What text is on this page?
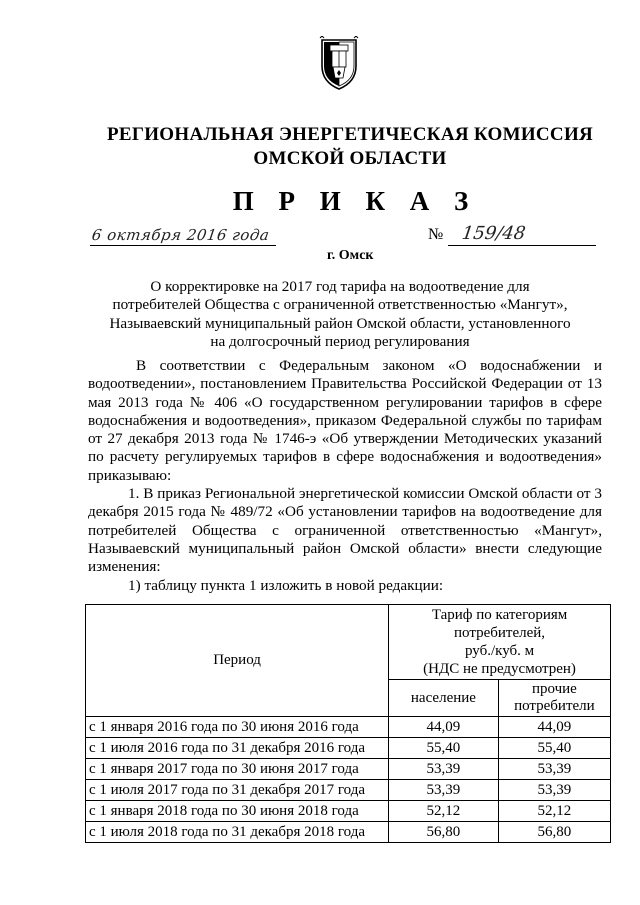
РЕГИОНАЛЬНАЯ ЭНЕРГЕТИЧЕСКАЯ КОМИССИЯ
ОМСКОЙ ОБЛАСТИ
П Р И К А З
6 октября 2016 года
г. Омск
№ 159/48
О корректировке на 2017 год тарифа на водоотведение для
потребителей Общества с ограниченной ответственностью «Мангут»,
Называевский муниципальный район Омской области, установленного
на долгосрочный период регулирования

В соответствии с Федеральным законом «О водоснабжении и водоотведении», постановлением Правительства Российской Федерации от 13 мая 2013 года № 406 «О государственном регулировании тарифов в сфере водоснабжения и водоотведения», приказом Федеральной службы по тарифам от 27 декабря 2013 года № 1746-э «Об утверждении Методических указаний по расчету регулируемых тарифов в сфере водоснабжения и водоотведения» приказываю:

1. В приказ Региональной энергетической комиссии Омской области от 3 декабря 2015 года № 489/72 «Об установлении тарифов на водоотведение для потребителей Общества с ограниченной ответственностью «Мангут», Называевский муниципальный район Омской области» внести следующие изменения:

1) таблицу пункта 1 изложить в новой редакции:

Период	Тариф по категориям
потребителей,
руб./куб. м
(НДС не предусмотрен)	

	население	прочие
потребители

с 1 января 2016 года по 30 июня 2016 года	44,09	44,09
с 1 июля 2016 года по 31 декабря 2016 года	55,40	55,40
с 1 января 2017 года по 30 июня 2017 года	53,39	53,39
с 1 июля 2017 года по 31 декабря 2017 года	53,39	53,39
с 1 января 2018 года по 30 июня 2018 года	52,12	52,12
с 1 июля 2018 года по 31 декабря 2018 года	56,80	56,80
